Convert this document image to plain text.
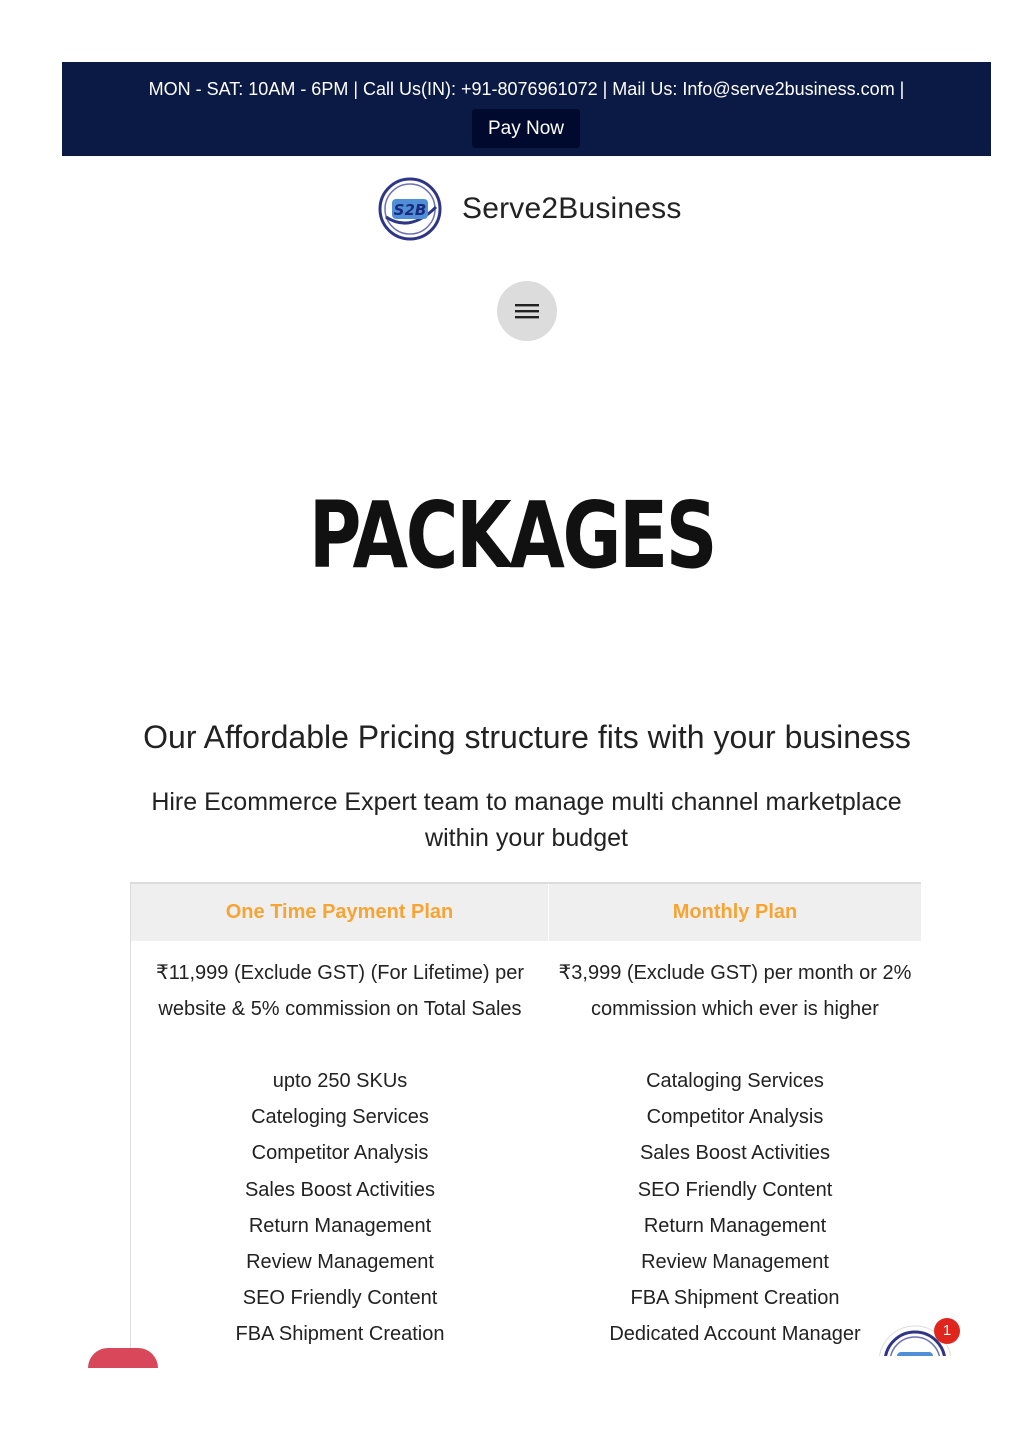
MON - SAT: 10AM - 6PM | Call Us(IN): +91-8076961072 | Mail Us: Info@serve2business.com |
Pay Now
S2B Serve2Business
PACKAGES
Our Affordable Pricing structure fits with your business
Hire Ecommerce Expert team to manage multi channel marketplace within your budget
One Time Payment Plan
₹11,999 (Exclude GST) (For Lifetime) per website & 5% commission on Total Sales
upto 250 SKUs
Cateloging Services
Competitor Analysis
Sales Boost Activities
Return Management
Review Management
SEO Friendly Content
FBA Shipment Creation
Monthly Plan
₹3,999 (Exclude GST) per month or 2% commission which ever is higher
Cataloging Services
Competitor Analysis
Sales Boost Activities
SEO Friendly Content
Return Management
Review Management
FBA Shipment Creation
Dedicated Account Manager	1
